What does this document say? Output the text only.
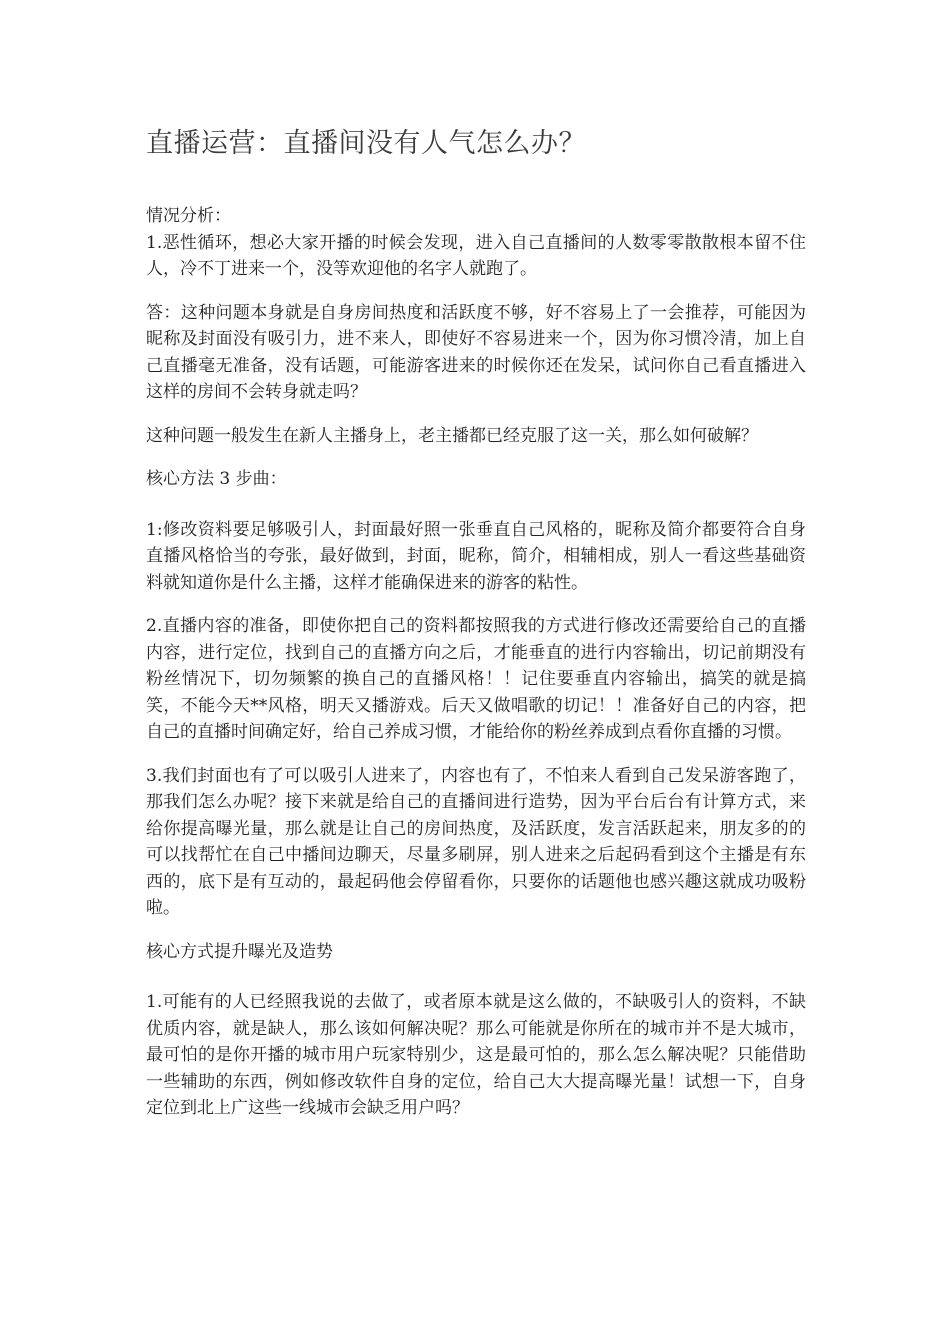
直播运营：直播间没有人气怎么办？

情况分析：

1.恶性循环，想必大家开播的时候会发现，进入自己直播间的人数零零散散根本留不住人，冷不丁进来一个，没等欢迎他的名字人就跑了。

答：这种问题本身就是自身房间热度和活跃度不够，好不容易上了一会推荐，可能因为昵称及封面没有吸引力，进不来人，即使好不容易进来一个，因为你习惯冷清，加上自己直播毫无准备，没有话题，可能游客进来的时候你还在发呆，试问你自己看直播进入这样的房间不会转身就走吗？

这种问题一般发生在新人主播身上，老主播都已经克服了这一关，那么如何破解？

核心方法 3 步曲：

1:修改资料要足够吸引人，封面最好照一张垂直自己风格的，昵称及简介都要符合自身直播风格恰当的夸张，最好做到，封面，昵称，简介，相辅相成，别人一看这些基础资料就知道你是什么主播，这样才能确保进来的游客的粘性。

2.直播内容的准备，即使你把自己的资料都按照我的方式进行修改还需要给自己的直播内容，进行定位，找到自己的直播方向之后，才能垂直的进行内容输出，切记前期没有粉丝情况下，切勿频繁的换自己的直播风格！！记住要垂直内容输出，搞笑的就是搞笑，不能今天**风格，明天又播游戏。后天又做唱歌的切记！！准备好自己的内容，把自己的直播时间确定好，给自己养成习惯，才能给你的粉丝养成到点看你直播的习惯。

3.我们封面也有了可以吸引人进来了，内容也有了，不怕来人看到自己发呆游客跑了，那我们怎么办呢？接下来就是给自己的直播间进行造势，因为平台后台有计算方式，来给你提高曝光量，那么就是让自己的房间热度，及活跃度，发言活跃起来，朋友多的的可以找帮忙在自己中播间边聊天，尽量多刷屏，别人进来之后起码看到这个主播是有东西的，底下是有互动的，最起码他会停留看你，只要你的话题他也感兴趣这就成功吸粉啦。

核心方式提升曝光及造势

1.可能有的人已经照我说的去做了，或者原本就是这么做的，不缺吸引人的资料，不缺优质内容，就是缺人，那么该如何解决呢？那么可能就是你所在的城市并不是大城市，最可怕的是你开播的城市用户玩家特别少，这是最可怕的，那么怎么解决呢？只能借助一些辅助的东西，例如修改软件自身的定位，给自己大大提高曝光量！试想一下，自身定位到北上广这些一线城市会缺乏用户吗？
